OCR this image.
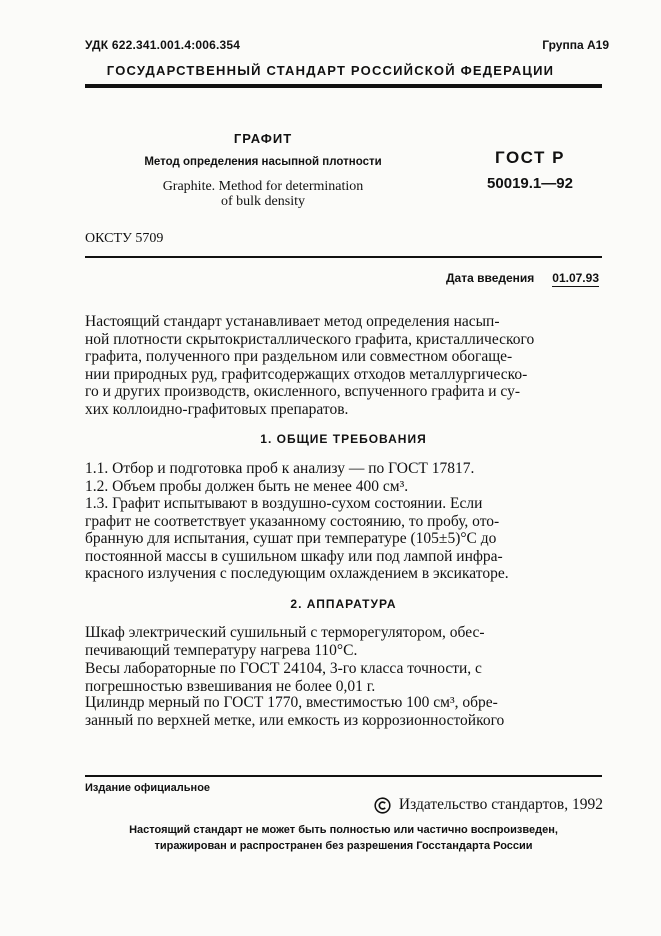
УДК 622.341.001.4:006.354	Группа А19
ГОСУДАРСТВЕННЫЙ СТАНДАРТ РОССИЙСКОЙ ФЕДЕРАЦИИ
ГРАФИТ
Метод определения насыпной плотности
Graphite. Method for determination
of bulk density
ГОСТ Р
50019.1—92
ОКСТУ 5709
Дата введения 01.07.93
Настоящий стандарт устанавливает метод определения насып-
ной плотности скрытокристаллического графита, кристаллического
графита, полученного при раздельном или совместном обогаще-
нии природных руд, графитсодержащих отходов металлургическо-
го и других производств, окисленного, вспученного графита и су-
хих коллоидно-графитовых препаратов.
1. ОБЩИЕ ТРЕБОВАНИЯ
1.1. Отбор и подготовка проб к анализу — по ГОСТ 17817.
1.2. Объем пробы должен быть не менее 400 см³.
1.3. Графит испытывают в воздушно-сухом состоянии. Если
графит не соответствует указанному состоянию, то пробу, ото-
бранную для испытания, сушат при температуре (105±5)°С до
постоянной массы в сушильном шкафу или под лампой инфра-
красного излучения с последующим охлаждением в эксикаторе.
2. АППАРАТУРА
Шкаф электрический сушильный с терморегулятором, обес-
печивающий температуру нагрева 110°С.
Весы лабораторные по ГОСТ 24104, 3-го класса точности, с
погрешностью взвешивания не более 0,01 г.
Цилиндр мерный по ГОСТ 1770, вместимостью 100 см³, обре-
занный по верхней метке, или емкость из коррозионностойкого
Издание официальное
Издательство стандартов, 1992
Настоящий стандарт не может быть полностью или частично воспроизведен,
тиражирован и распространен без разрешения Госстандарта России
